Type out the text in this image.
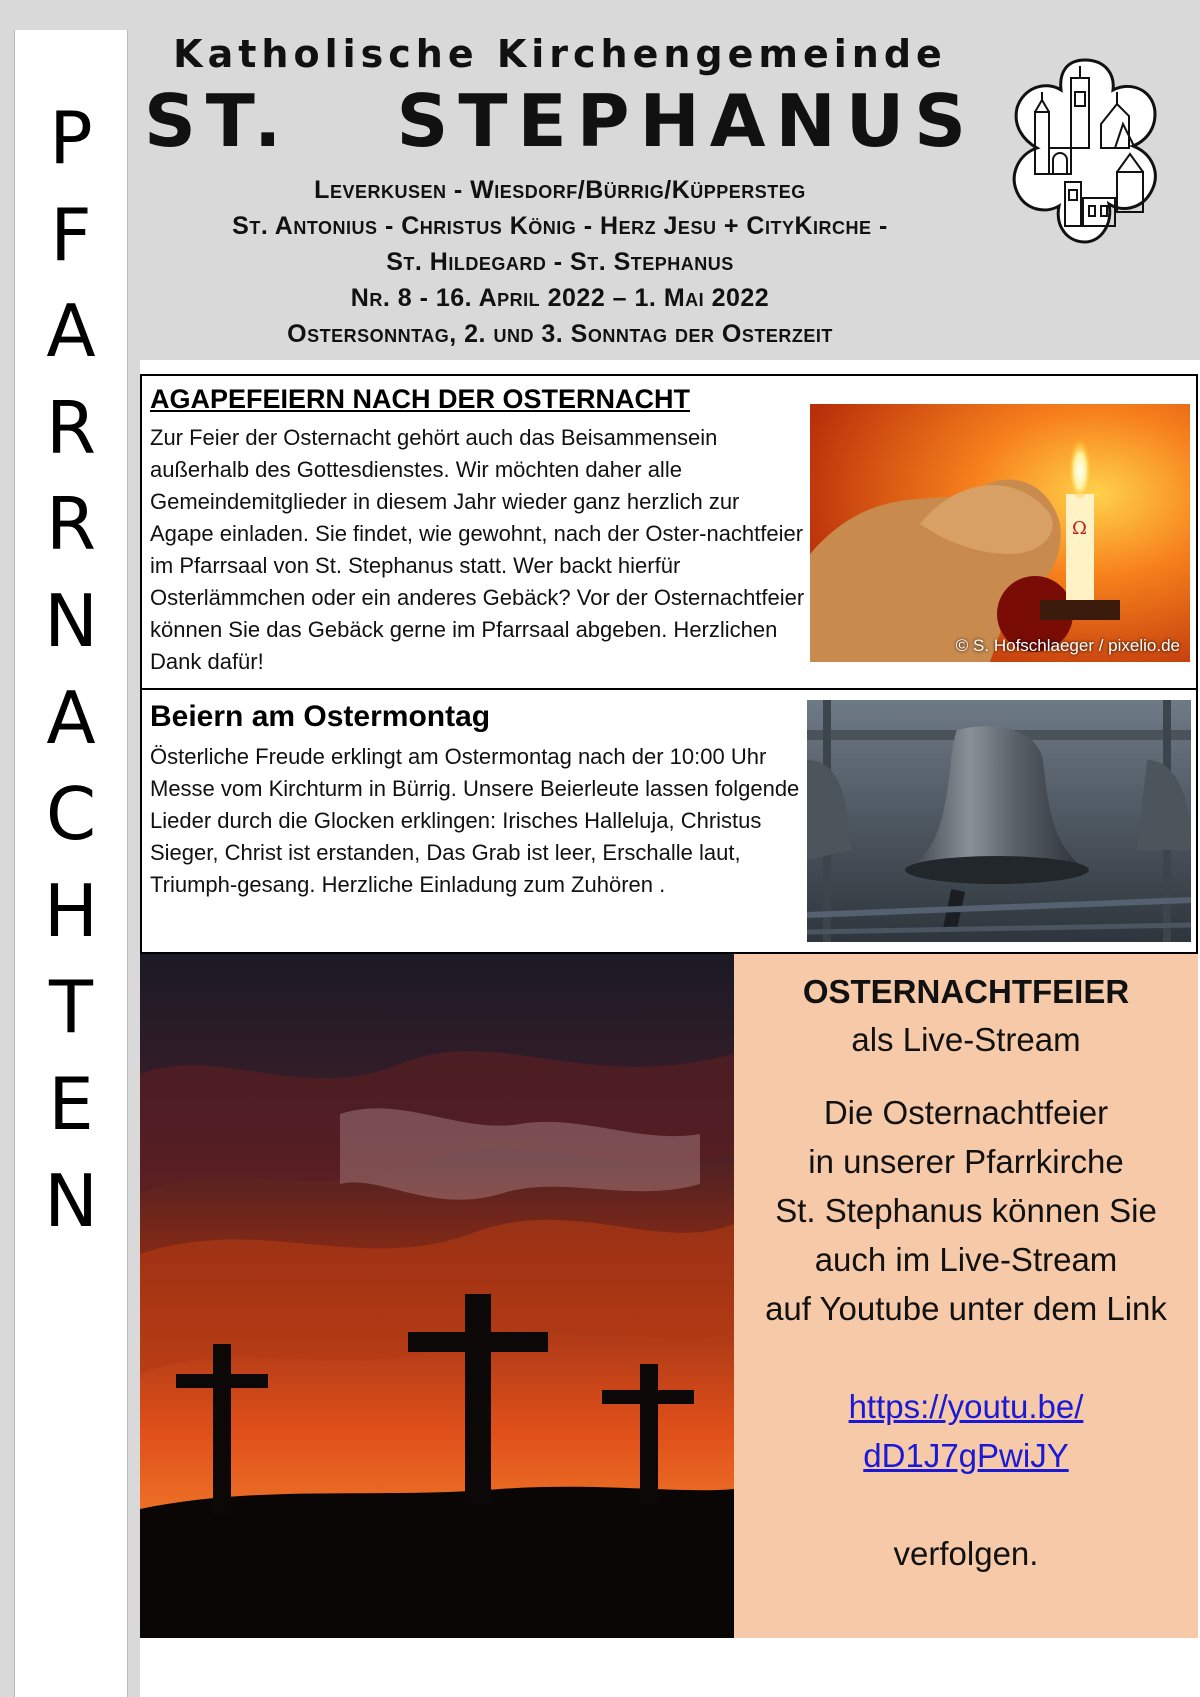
P
F
A
R
R
N
A
C
H
T
E
N
Katholische Kirchengemeinde
ST.   STEPHANUS
Leverkusen - Wiesdorf/Bürrig/Küppersteg
St. Antonius - Christus König - Herz Jesu + CityKirche -
St. Hildegard - St. Stephanus
Nr. 8 - 16. April 2022 – 1. Mai 2022
Ostersonntag, 2. und 3. Sonntag der Osterzeit
AGAPEFEIERN NACH DER OSTERNACHT
Zur Feier der Osternacht gehört auch das Beisammensein außerhalb des Gottesdienstes. Wir möchten daher alle Gemeindemitglieder in diesem Jahr wieder ganz herzlich zur Agape einladen. Sie findet, wie gewohnt, nach der Oster-nachtfeier im Pfarrsaal von St. Stephanus statt. Wer backt hierfür Osterlämmchen oder ein anderes Gebäck? Vor der Osternachtfeier können Sie das Gebäck gerne im Pfarrsaal abgeben. Herzlichen Dank dafür!
Ω
© S. Hofschlaeger / pixelio.de
Beiern am Ostermontag
Österliche Freude erklingt am Ostermontag nach der 10:00 Uhr Messe vom Kirchturm in Bürrig. Unsere Beierleute lassen folgende Lieder durch die Glocken erklingen: Irisches Halleluja, Christus Sieger, Christ ist erstanden, Das Grab ist leer, Erschalle laut, Triumph-gesang. Herzliche Einladung zum Zuhören .
OSTERNACHTFEIER
als Live-Stream
Die Osternachtfeier
in unserer Pfarrkirche
St. Stephanus können Sie
auch im Live-Stream
auf Youtube unter dem Link
https://youtu.be/
dD1J7gPwiJY
verfolgen.
